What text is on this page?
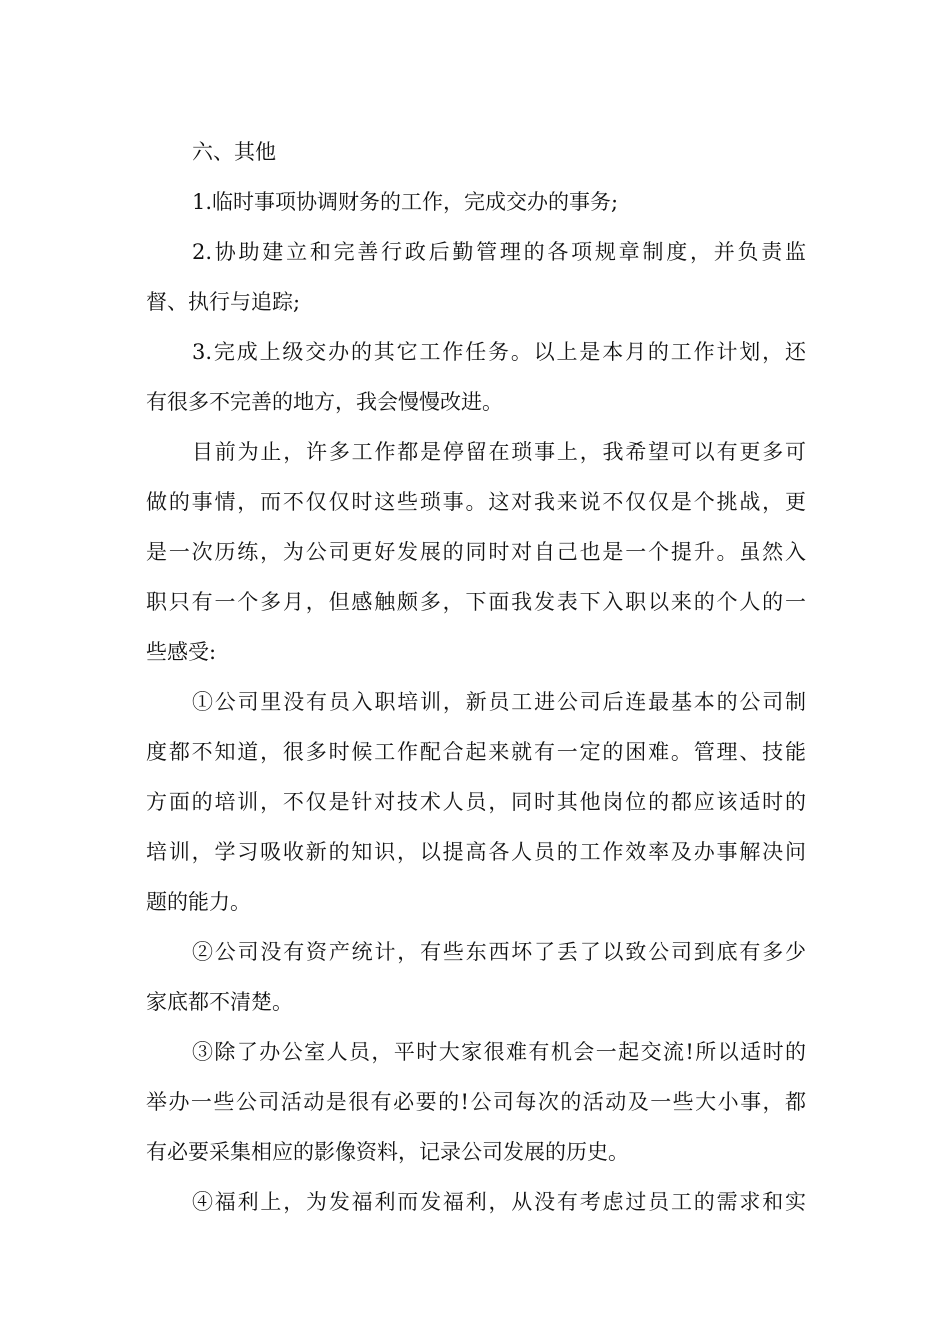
六、其他
1.临时事项协调财务的工作，完成交办的事务;
2.协助建立和完善行政后勤管理的各项规章制度，并负责监
督、执行与追踪;
3.完成上级交办的其它工作任务。以上是本月的工作计划，还
有很多不完善的地方，我会慢慢改进。
目前为止，许多工作都是停留在琐事上，我希望可以有更多可
做的事情，而不仅仅时这些琐事。这对我来说不仅仅是个挑战，更
是一次历练，为公司更好发展的同时对自己也是一个提升。虽然入
职只有一个多月，但感触颇多，下面我发表下入职以来的个人的一
些感受:
①公司里没有员入职培训，新员工进公司后连最基本的公司制
度都不知道，很多时候工作配合起来就有一定的困难。管理、技能
方面的培训，不仅是针对技术人员，同时其他岗位的都应该适时的
培训，学习吸收新的知识，以提高各人员的工作效率及办事解决问
题的能力。
②公司没有资产统计，有些东西坏了丢了以致公司到底有多少
家底都不清楚。
③除了办公室人员，平时大家很难有机会一起交流!所以适时的
举办一些公司活动是很有必要的!公司每次的活动及一些大小事，都
有必要采集相应的影像资料，记录公司发展的历史。
④福利上，为发福利而发福利，从没有考虑过员工的需求和实
